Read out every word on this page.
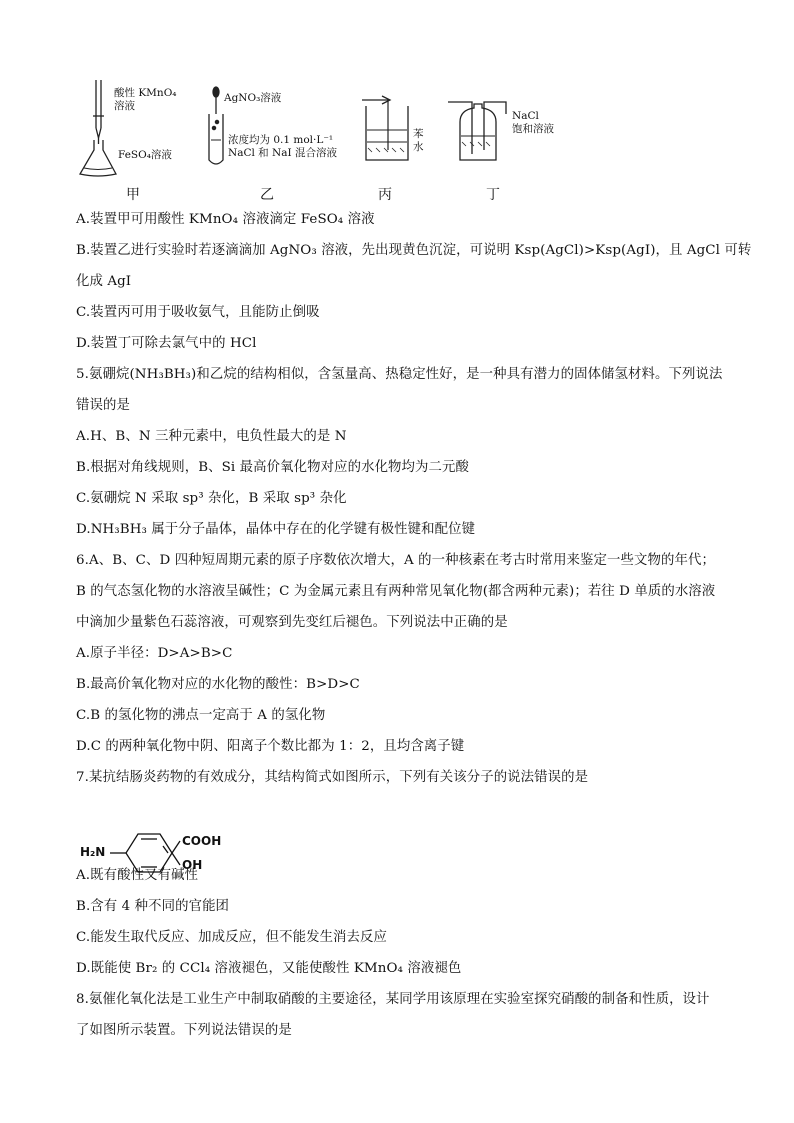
酸性 KMnO₄
溶液
FeSO₄溶液
AgNO₃溶液
浓度均为 0.1 mol·L⁻¹
NaCl 和 NaI 混合溶液
苯
水
NaCl
饱和溶液
甲	乙	丙	丁
A.装置甲可用酸性 KMnO₄ 溶液滴定 FeSO₄ 溶液
B.装置乙进行实验时若逐滴滴加 AgNO₃ 溶液，先出现黄色沉淀，可说明 Ksp(AgCl)>Ksp(AgI)，且 AgCl 可转
化成 AgI
C.装置丙可用于吸收氨气，且能防止倒吸
D.装置丁可除去氯气中的 HCl
5.氨硼烷(NH₃BH₃)和乙烷的结构相似，含氢量高、热稳定性好，是一种具有潜力的固体储氢材料。下列说法
错误的是
A.H、B、N 三种元素中，电负性最大的是 N
B.根据对角线规则，B、Si 最高价氧化物对应的水化物均为二元酸
C.氨硼烷 N 采取 sp³ 杂化，B 采取 sp³ 杂化
D.NH₃BH₃ 属于分子晶体，晶体中存在的化学键有极性键和配位键
6.A、B、C、D 四种短周期元素的原子序数依次增大，A 的一种核素在考古时常用来鉴定一些文物的年代；
B 的气态氢化物的水溶液呈碱性；C 为金属元素且有两种常见氧化物(都含两种元素)；若往 D 单质的水溶液
中滴加少量紫色石蕊溶液，可观察到先变红后褪色。下列说法中正确的是
A.原子半径：D>A>B>C
B.最高价氧化物对应的水化物的酸性：B>D>C
C.B 的氢化物的沸点一定高于 A 的氢化物
D.C 的两种氧化物中阴、阳离子个数比都为 1：2，且均含离子键
7.某抗结肠炎药物的有效成分，其结构简式如图所示，下列有关该分子的说法错误的是
H₂N
COOH
OH
A.既有酸性又有碱性
B.含有 4 种不同的官能团
C.能发生取代反应、加成反应，但不能发生消去反应
D.既能使 Br₂ 的 CCl₄ 溶液褪色，又能使酸性 KMnO₄ 溶液褪色
8.氨催化氧化法是工业生产中制取硝酸的主要途径，某同学用该原理在实验室探究硝酸的制备和性质，设计
了如图所示装置。下列说法错误的是
